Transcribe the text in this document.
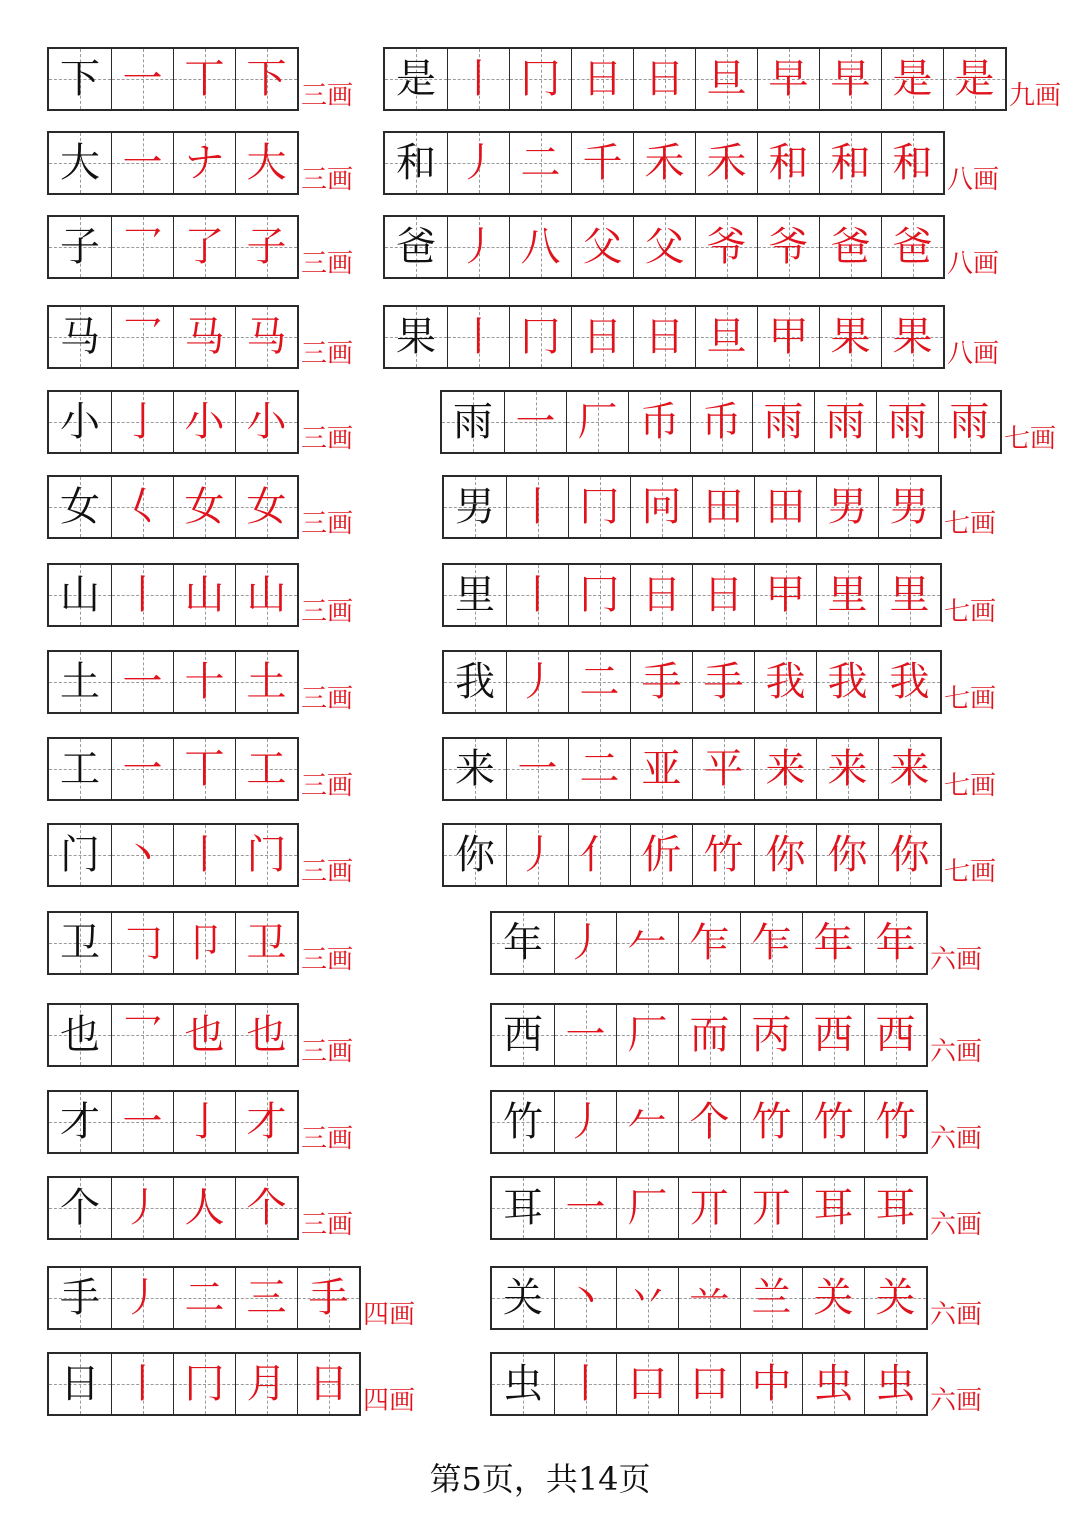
下 一 丅 下 三画
大 一 ナ 大 三画
子 乛 了 子 三画
马 乛 马 马 三画
小 亅 小 小 三画
女 𡿨 女 女 三画
山 丨 山 山 三画
土 一 十 土 三画
工 一 丅 工 三画
门 丶 丨 门 三画
卫 𠃌 卩 卫 三画
也 乛 也 也 三画
才 一 亅 才 三画
个 丿 人 个 三画
手 丿 二 三 手 四画
日 丨 冂 月 日 四画
是 丨 冂 日 日 旦 早 早 是 是 九画
和 丿 二 千 禾 禾 和 和 和 八画
爸 丿 八 父 父 爷 爷 爸 爸 八画
果 丨 冂 日 日 旦 甲 果 果 八画
雨 一 厂 币 币 雨 雨 雨 雨 七画
男 丨 冂 冋 田 田 男 男 七画
里 丨 冂 日 日 甲 里 里 七画
我 丿 二 手 手 我 我 我 七画
来 一 二 亚 平 来 来 来 七画
你 丿 亻 伒 竹 你 你 你 七画
年 丿 𠂉 乍 乍 年 年 六画
西 一 厂 而 丙 西 西 六画
竹 丿 𠂉 个 竹 竹 竹 六画
耳 一 厂 丌 丌 耳 耳 六画
关 丶 丷 䒑 兰 关 关 六画
虫 丨 口 口 中 虫 虫 六画
第5页，共14页
